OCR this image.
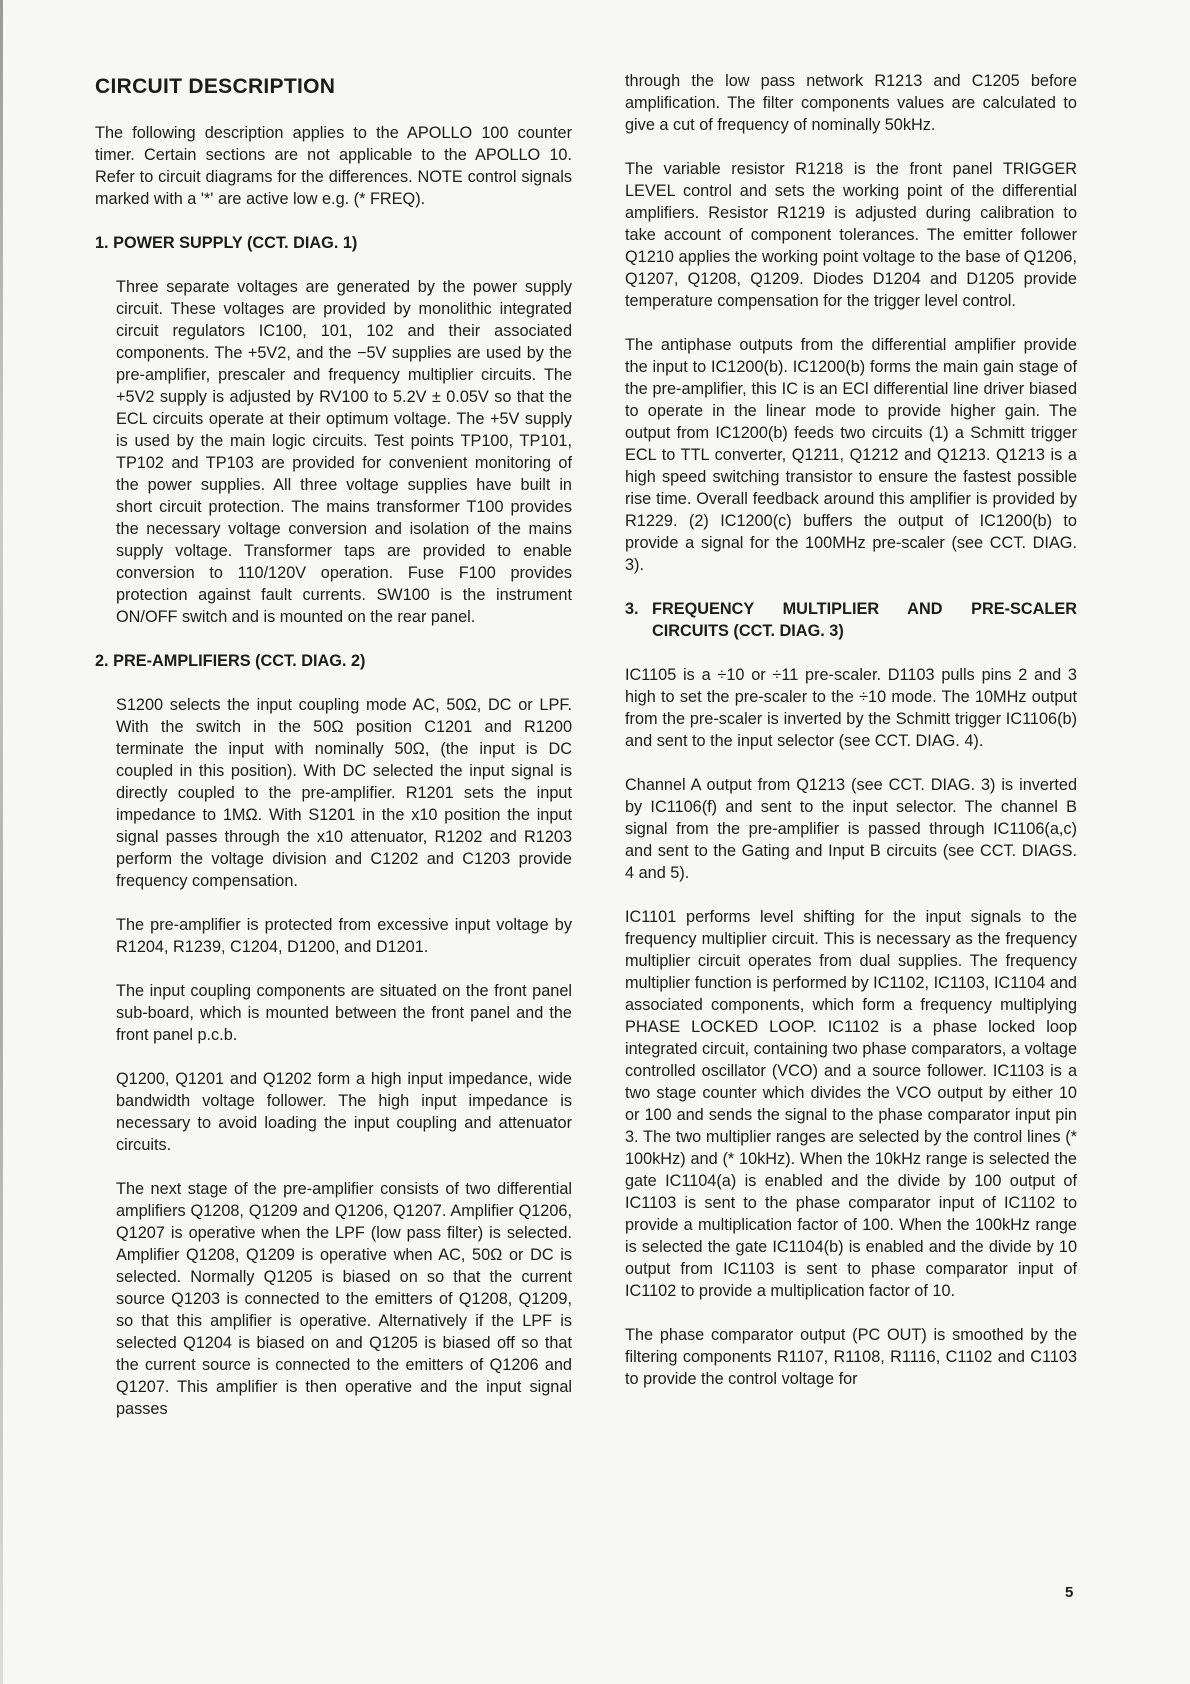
CIRCUIT DESCRIPTION

The following description applies to the APOLLO 100 counter timer. Certain sections are not applicable to the APOLLO 10. Refer to circuit diagrams for the differences. NOTE control signals marked with a '*' are active low e.g. (* FREQ).

1. POWER SUPPLY (CCT. DIAG. 1)

Three separate voltages are generated by the power supply circuit. These voltages are provided by monolithic integrated circuit regulators IC100, 101, 102 and their associated components. The +5V2, and the −5V supplies are used by the pre-amplifier, prescaler and frequency multiplier circuits. The +5V2 supply is adjusted by RV100 to 5.2V ± 0.05V so that the ECL circuits operate at their optimum voltage. The +5V supply is used by the main logic circuits. Test points TP100, TP101, TP102 and TP103 are provided for convenient monitoring of the power supplies. All three voltage supplies have built in short circuit protection. The mains transformer T100 provides the necessary voltage conversion and isolation of the mains supply voltage. Transformer taps are provided to enable conversion to 110/120V operation. Fuse F100 provides protection against fault currents. SW100 is the instrument ON/OFF switch and is mounted on the rear panel.

2. PRE-AMPLIFIERS (CCT. DIAG. 2)

S1200 selects the input coupling mode AC, 50Ω, DC or LPF. With the switch in the 50Ω position C1201 and R1200 terminate the input with nominally 50Ω, (the input is DC coupled in this position). With DC selected the input signal is directly coupled to the pre-amplifier. R1201 sets the input impedance to 1MΩ. With S1201 in the x10 position the input signal passes through the x10 attenuator, R1202 and R1203 perform the voltage division and C1202 and C1203 provide frequency compensation.

The pre-amplifier is protected from excessive input voltage by R1204, R1239, C1204, D1200, and D1201.

The input coupling components are situated on the front panel sub-board, which is mounted between the front panel and the front panel p.c.b.

Q1200, Q1201 and Q1202 form a high input impedance, wide bandwidth voltage follower. The high input impedance is necessary to avoid loading the input coupling and attenuator circuits.

The next stage of the pre-amplifier consists of two differential amplifiers Q1208, Q1209 and Q1206, Q1207. Amplifier Q1206, Q1207 is operative when the LPF (low pass filter) is selected. Amplifier Q1208, Q1209 is operative when AC, 50Ω or DC is selected. Normally Q1205 is biased on so that the current source Q1203 is connected to the emitters of Q1208, Q1209, so that this amplifier is operative. Alternatively if the LPF is selected Q1204 is biased on and Q1205 is biased off so that the current source is connected to the emitters of Q1206 and Q1207. This amplifier is then operative and the input signal passes

through the low pass network R1213 and C1205 before amplification. The filter components values are calculated to give a cut of frequency of nominally 50kHz.

The variable resistor R1218 is the front panel TRIGGER LEVEL control and sets the working point of the differential amplifiers. Resistor R1219 is adjusted during calibration to take account of component tolerances. The emitter follower Q1210 applies the working point voltage to the base of Q1206, Q1207, Q1208, Q1209. Diodes D1204 and D1205 provide temperature compensation for the trigger level control.

The antiphase outputs from the differential amplifier provide the input to IC1200(b). IC1200(b) forms the main gain stage of the pre-amplifier, this IC is an ECl differential line driver biased to operate in the linear mode to provide higher gain. The output from IC1200(b) feeds two circuits (1) a Schmitt trigger ECL to TTL converter, Q1211, Q1212 and Q1213. Q1213 is a high speed switching transistor to ensure the fastest possible rise time. Overall feedback around this amplifier is provided by R1229. (2) IC1200(c) buffers the output of IC1200(b) to provide a signal for the 100MHz pre-scaler (see CCT. DIAG. 3).

3. FREQUENCY MULTIPLIER AND PRE-SCALER CIRCUITS (CCT. DIAG. 3)

IC1105 is a ÷10 or ÷11 pre-scaler. D1103 pulls pins 2 and 3 high to set the pre-scaler to the ÷10 mode. The 10MHz output from the pre-scaler is inverted by the Schmitt trigger IC1106(b) and sent to the input selector (see CCT. DIAG. 4).

Channel A output from Q1213 (see CCT. DIAG. 3) is inverted by IC1106(f) and sent to the input selector. The channel B signal from the pre-amplifier is passed through IC1106(a,c) and sent to the Gating and Input B circuits (see CCT. DIAGS. 4 and 5).

IC1101 performs level shifting for the input signals to the frequency multiplier circuit. This is necessary as the frequency multiplier circuit operates from dual supplies. The frequency multiplier function is performed by IC1102, IC1103, IC1104 and associated components, which form a frequency multiplying PHASE LOCKED LOOP. IC1102 is a phase locked loop integrated circuit, containing two phase comparators, a voltage controlled oscillator (VCO) and a source follower. IC1103 is a two stage counter which divides the VCO output by either 10 or 100 and sends the signal to the phase comparator input pin 3. The two multiplier ranges are selected by the control lines (* 100kHz) and (* 10kHz). When the 10kHz range is selected the gate IC1104(a) is enabled and the divide by 100 output of IC1103 is sent to the phase comparator input of IC1102 to provide a multiplication factor of 100. When the 100kHz range is selected the gate IC1104(b) is enabled and the divide by 10 output from IC1103 is sent to phase comparator input of IC1102 to provide a multiplication factor of 10.

The phase comparator output (PC OUT) is smoothed by the filtering components R1107, R1108, R1116, C1102 and C1103 to provide the control voltage for

5
